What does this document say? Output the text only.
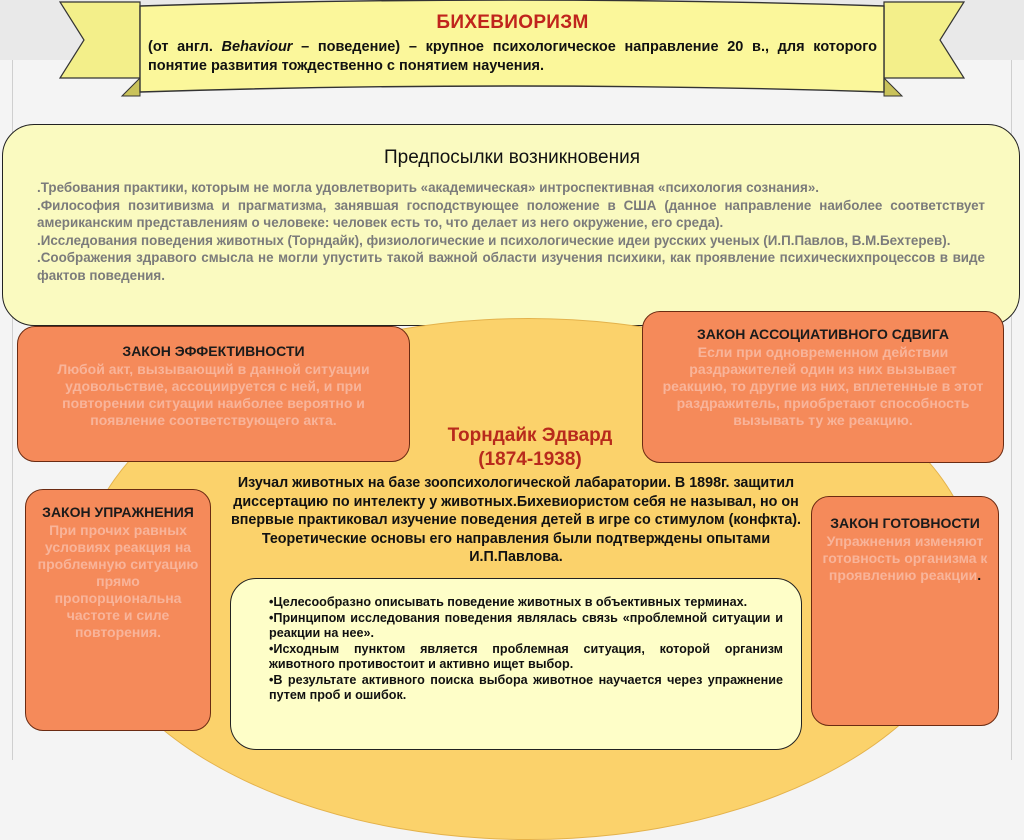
БИХЕВИОРИЗМ
(от англ. Behaviour – поведение) – крупное психологическое направление 20 в., для которого понятие развития тождественно с понятием научения.
Предпосылки возникновения

.Требования практики, которым не могла удовлетворить «академическая» интроспективная «психология сознания».

.Философия позитивизма и прагматизма, занявшая господствующее положение в США (данное направление наиболее соответствует американским представлениям о человеке: человек есть то, что делает из него окружение, его среда).

.Исследования поведения животных (Торндайк), физиологические и психологические идеи русских ученых (И.П.Павлов, В.М.Бехтерев).

.Соображения здравого смысла не могли упустить такой важной области изучения психики, как проявление психическихпроцессов в виде фактов поведения.

ЗАКОН ЭФФЕКТИВНОСТИ
Любой акт, вызывающий в данной ситуации удовольствие, ассоциируется с ней, и при повторении ситуации наиболее вероятно и появление соответствующего акта.
ЗАКОН АССОЦИАТИВНОГО СДВИГА
Если при одновременном действии раздражителей один из них вызывает реакцию, то другие из них, вплетенные в этот раздражитель, приобретают способность вызывать ту же реакцию.
Торндайк Эдвард
(1874-1938)
Изучал животных на базе зоопсихологической лабаратории. В 1898г. защитил диссертацию по интелекту у животных.Бихевиористом себя не называл, но он впервые практиковал изучение поведения детей в игре со стимулом (конфкта). Теоретические основы его направления были подтверждены опытами И.П.Павлова.
ЗАКОН УПРАЖНЕНИЯ
При прочих равных условиях реакция на проблемную ситуацию прямо пропорциональна частоте и силе повторения.
ЗАКОН ГОТОВНОСТИ
Упражнения изменяют готовность организма к проявлению реакции.

•Целесообразно описывать поведение животных в объективных терминах.

•Принципом исследования поведения являлась связь «проблемной ситуации и реакции на нее».

•Исходным пунктом является проблемная ситуация, которой организм животного противостоит и активно ищет выбор.

•В результате активного поиска выбора животное научается через упражнение путем проб и ошибок.
